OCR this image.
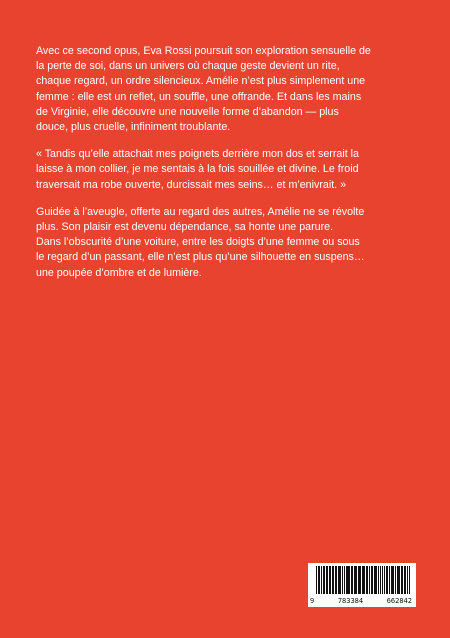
Avec ce second opus, Eva Rossi poursuit son exploration sensuelle de
la perte de soi, dans un univers où chaque geste devient un rite,
chaque regard, un ordre silencieux. Amélie n’est plus simplement une
femme : elle est un reflet, un souffle, une offrande. Et dans les mains
de Virginie, elle découvre une nouvelle forme d’abandon — plus
douce, plus cruelle, infiniment troublante.

« Tandis qu’elle attachait mes poignets derrière mon dos et serrait la
laisse à mon collier, je me sentais à la fois souillée et divine. Le froid
traversait ma robe ouverte, durcissait mes seins… et m’enivrait. »

Guidée à l’aveugle, offerte au regard des autres, Amélie ne se révolte
plus. Son plaisir est devenu dépendance, sa honte une parure.
Dans l’obscurité d’une voiture, entre les doigts d’une femme ou sous
le regard d’un passant, elle n’est plus qu’une silhouette en suspens…
une poupée d’ombre et de lumière.

9	783384	662842
